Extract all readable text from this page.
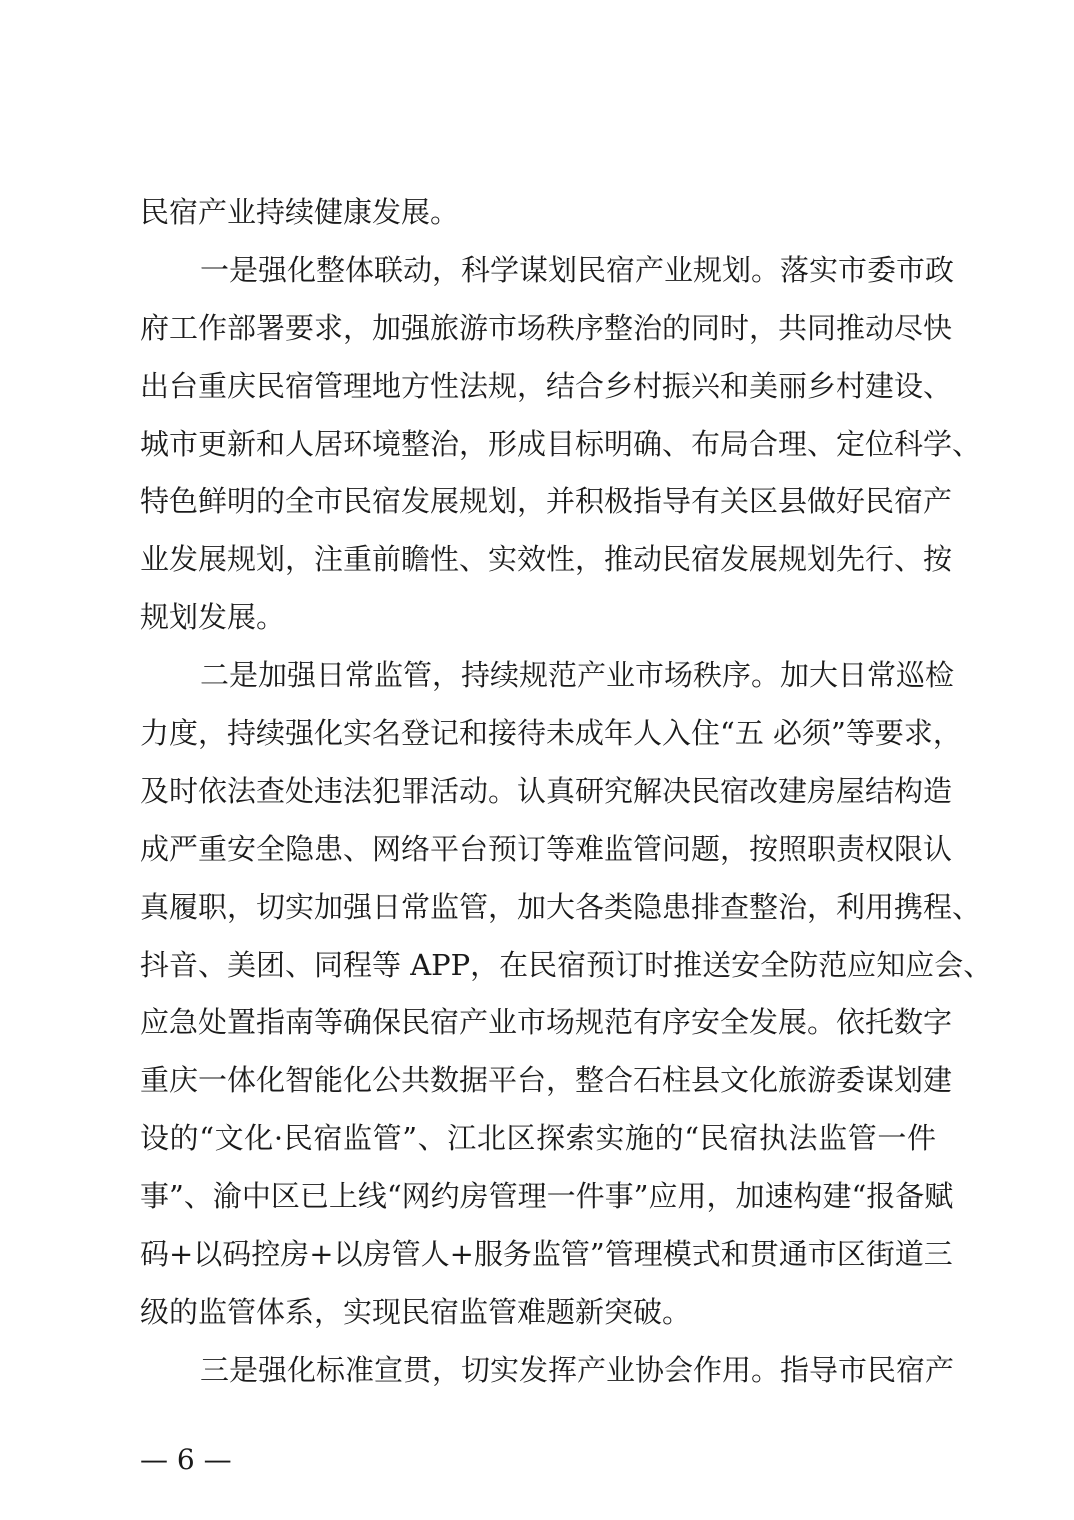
民宿产业持续健康发展。
一是强化整体联动，科学谋划民宿产业规划。落实市委市政
府工作部署要求，加强旅游市场秩序整治的同时，共同推动尽快
出台重庆民宿管理地方性法规，结合乡村振兴和美丽乡村建设、
城市更新和人居环境整治，形成目标明确、布局合理、定位科学、
特色鲜明的全市民宿发展规划，并积极指导有关区县做好民宿产
业发展规划，注重前瞻性、实效性，推动民宿发展规划先行、按
规划发展。
二是加强日常监管，持续规范产业市场秩序。加大日常巡检
力度，持续强化实名登记和接待未成年人入住“五 必须”等要求，
及时依法查处违法犯罪活动。认真研究解决民宿改建房屋结构造
成严重安全隐患、网络平台预订等难监管问题，按照职责权限认
真履职，切实加强日常监管，加大各类隐患排查整治，利用携程、
抖音、美团、同程等 APP，在民宿预订时推送安全防范应知应会、
应急处置指南等确保民宿产业市场规范有序安全发展。依托数字
重庆一体化智能化公共数据平台，整合石柱县文化旅游委谋划建
设的“文化·民宿监管”、江北区探索实施的“民宿执法监管一件
事”、渝中区已上线“网约房管理一件事”应用，加速构建“报备赋
码+以码控房+以房管人+服务监管”管理模式和贯通市区街道三
级的监管体系，实现民宿监管难题新突破。
三是强化标准宣贯，切实发挥产业协会作用。指导市民宿产
— 6 —
